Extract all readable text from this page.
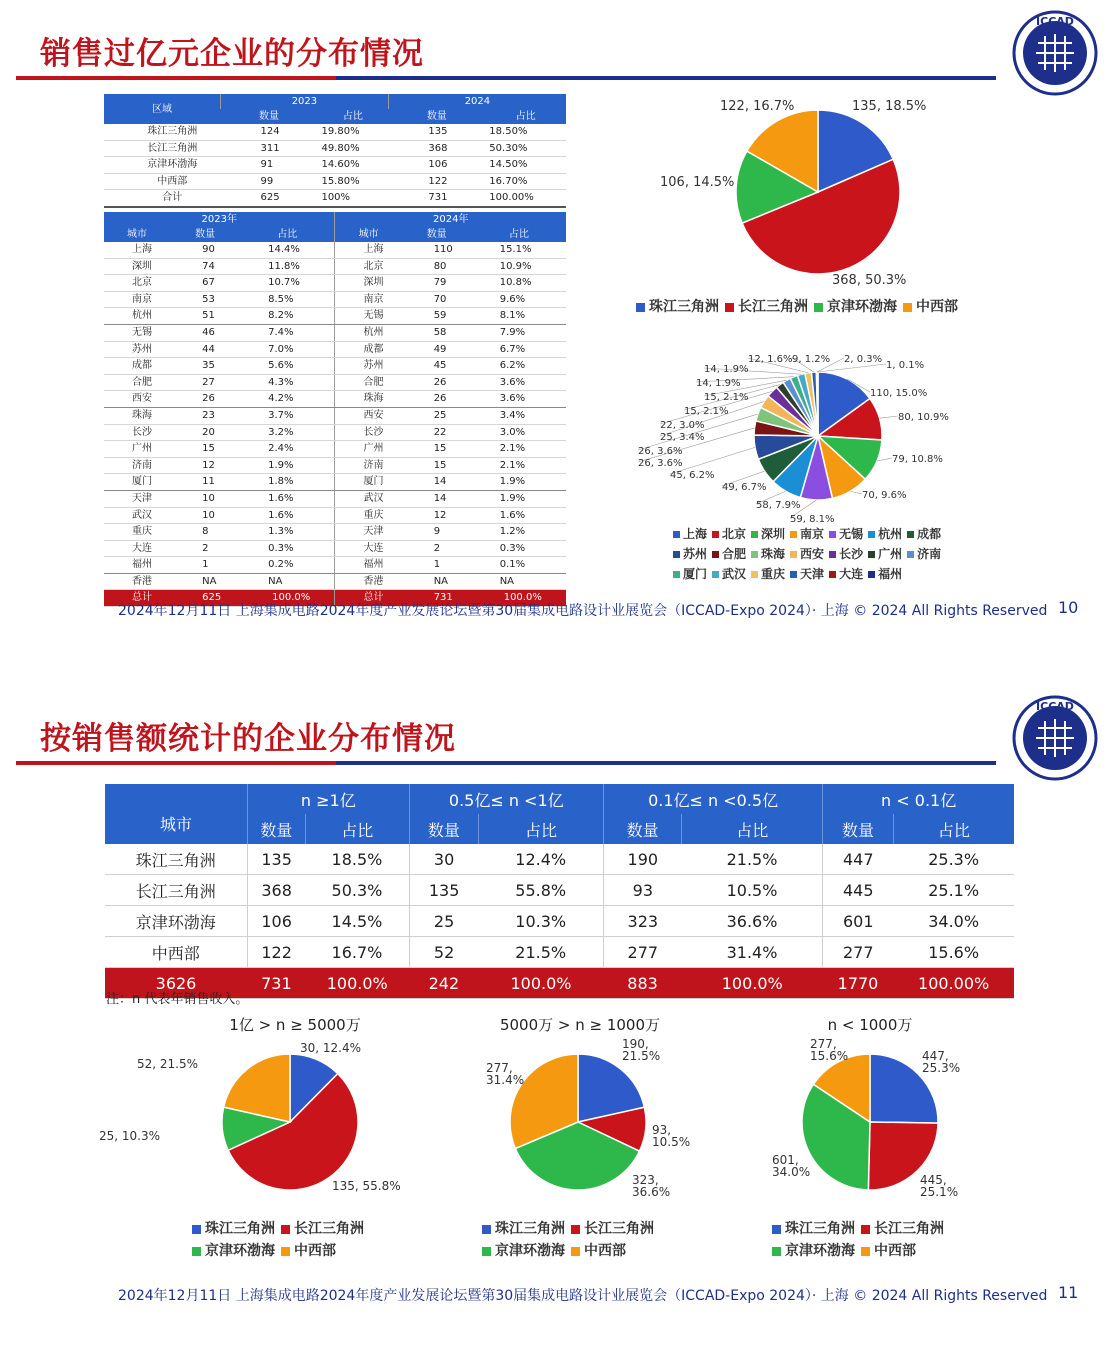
销售过亿元企业的分布情况
ICCAD
区域	2023		2024	
	数量	占比	数量	占比
珠江三角洲	124	19.80%	135	18.50%
长江三角洲	311	49.80%	368	50.30%
京津环渤海	91	14.60%	106	14.50%
中西部	99	15.80%	122	16.70%
合计	625	100%	731	100.00%
2023年			2024年		
城市	数量	占比	城市	数量	占比
上海	90	14.4%	上海	110	15.1%
深圳	74	11.8%	北京	80	10.9%
北京	67	10.7%	深圳	79	10.8%
南京	53	8.5%	南京	70	9.6%
杭州	51	8.2%	无锡	59	8.1%
无锡	46	7.4%	杭州	58	7.9%
苏州	44	7.0%	成都	49	6.7%
成都	35	5.6%	苏州	45	6.2%
合肥	27	4.3%	合肥	26	3.6%
西安	26	4.2%	珠海	26	3.6%
珠海	23	3.7%	西安	25	3.4%
长沙	20	3.2%	长沙	22	3.0%
广州	15	2.4%	广州	15	2.1%
济南	12	1.9%	济南	15	2.1%
厦门	11	1.8%	厦门	14	1.9%
天津	10	1.6%	武汉	14	1.9%
武汉	10	1.6%	重庆	12	1.6%
重庆	8	1.3%	天津	9	1.2%
大连	2	0.3%	大连	2	0.3%
福州	1	0.2%	福州	1	0.1%
香港	NA	NA	香港	NA	NA
总计	625	100.0%	总计	731	100.0%
135, 18.5%
368, 50.3%
106, 14.5%
122, 16.7%
珠江三角洲 长江三角洲 京津环渤海 中西部
110, 15.0%
80, 10.9%
79, 10.8%
70, 9.6%
59, 8.1%
58, 7.9%
49, 6.7%
45, 6.2%
26, 3.6%
26, 3.6%
25, 3.4%
22, 3.0%
15, 2.1%
15, 2.1%
14, 1.9%
14, 1.9%
12, 1.6% 9, 1.2% 2, 0.3%
1, 0.1%
上海 北京 深圳 南京 无锡 杭州 成都
苏州 合肥 珠海 西安 长沙 广州 济南
厦门 武汉 重庆 天津 大连 福州
2024年12月11日 上海集成电路2024年度产业发展论坛暨第30届集成电路设计业展览会（ICCAD-Expo 2024）· 上海 © 2024 All Rights Reserved 10
按销售额统计的企业分布情况
ICCAD
2024年12月11日 上海集成电路2024年度产业发展论坛暨第30届集成电路设计业展览会（ICCAD-Expo 2024）· 上海 © 2024 All Rights Reserved 11
城市	n ≥1亿		0.5亿≤ n <1亿		0.1亿≤ n <0.5亿		n < 0.1亿	
	数量	占比	数量	占比	数量	占比	数量	占比
珠江三角洲	135	18.5%	30	12.4%	190	21.5%	447	25.3%
长江三角洲	368	50.3%	135	55.8%	93	10.5%	445	25.1%
京津环渤海	106	14.5%	25	10.3%	323	36.6%	601	34.0%
中西部	122	16.7%	52	21.5%	277	31.4%	277	15.6%
3626	731	100.0%	242	100.0%	883	100.0%	1770	100.00%
注：n 代表年销售收入。
1亿 > n ≥ 5000万	5000万 > n ≥ 1000万	n < 1000万
30, 12.4%
135, 55.8%
25, 10.3%
52, 21.5%
190, 21.5%
93, 10.5%
323, 36.6%
277, 31.4%
447, 25.3%
445, 25.1%
601, 34.0%
277, 15.6%
珠江三角洲 长江三角洲
京津环渤海 中西部
珠江三角洲 长江三角洲
京津环渤海 中西部
珠江三角洲 长江三角洲
京津环渤海 中西部
